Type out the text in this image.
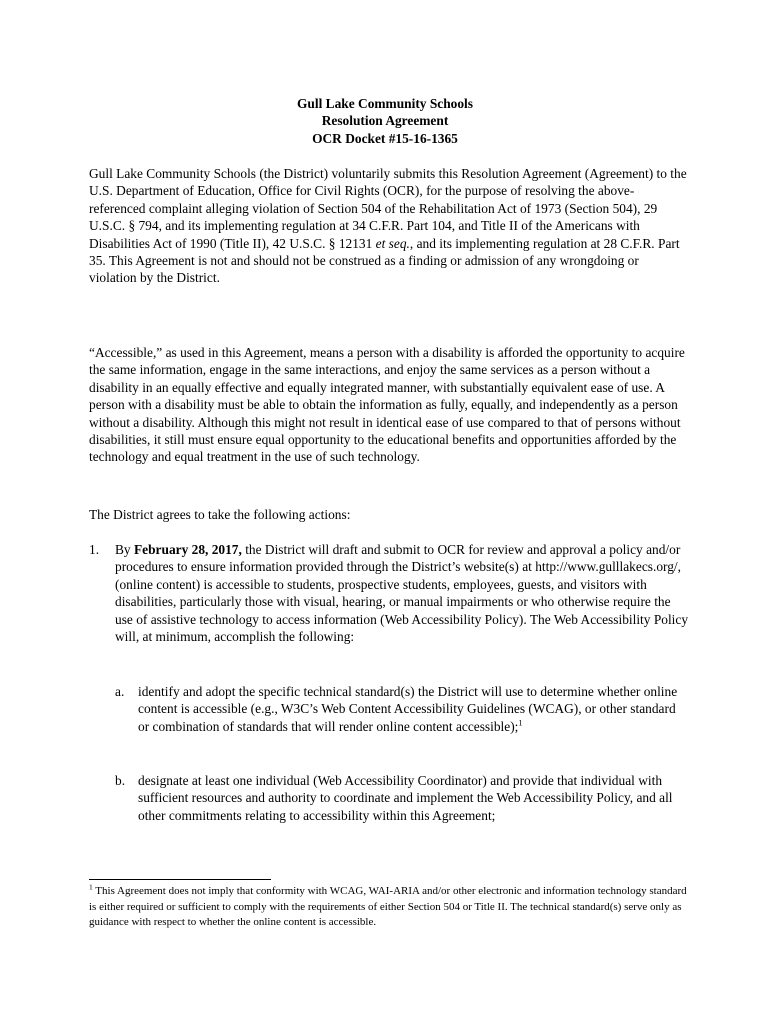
Gull Lake Community Schools
Resolution Agreement
OCR Docket #15-16-1365

Gull Lake Community Schools (the District) voluntarily submits this Resolution Agreement (Agreement) to the U.S. Department of Education, Office for Civil Rights (OCR), for the purpose of resolving the above-referenced complaint alleging violation of Section 504 of the Rehabilitation Act of 1973 (Section 504), 29 U.S.C. § 794, and its implementing regulation at 34 C.F.R. Part 104, and Title II of the Americans with Disabilities Act of 1990 (Title II), 42 U.S.C. § 12131 et seq., and its implementing regulation at 28 C.F.R. Part 35. This Agreement is not and should not be construed as a finding or admission of any wrongdoing or violation by the District.

“Accessible,” as used in this Agreement, means a person with a disability is afforded the opportunity to acquire the same information, engage in the same interactions, and enjoy the same services as a person without a disability in an equally effective and equally integrated manner, with substantially equivalent ease of use. A person with a disability must be able to obtain the information as fully, equally, and independently as a person without a disability. Although this might not result in identical ease of use compared to that of persons without disabilities, it still must ensure equal opportunity to the educational benefits and opportunities afforded by the technology and equal treatment in the use of such technology.

The District agrees to take the following actions:

1. By February 28, 2017, the District will draft and submit to OCR for review and approval a policy and/or procedures to ensure information provided through the District’s website(s) at http://www.gulllakecs.org/, (online content) is accessible to students, prospective students, employees, guests, and visitors with disabilities, particularly those with visual, hearing, or manual impairments or who otherwise require the use of assistive technology to access information (Web Accessibility Policy). The Web Accessibility Policy will, at minimum, accomplish the following:

a. identify and adopt the specific technical standard(s) the District will use to determine whether online content is accessible (e.g., W3C’s Web Content Accessibility Guidelines (WCAG), or other standard or combination of standards that will render online content accessible);$^1$

b. designate at least one individual (Web Accessibility Coordinator) and provide that individual with sufficient resources and authority to coordinate and implement the Web Accessibility Policy, and all other commitments relating to accessibility within this Agreement;

$^1$ This Agreement does not imply that conformity with WCAG, WAI-ARIA and/or other electronic and information technology standard is either required or sufficient to comply with the requirements of either Section 504 or Title II. The technical standard(s) serve only as guidance with respect to whether the online content is accessible.
